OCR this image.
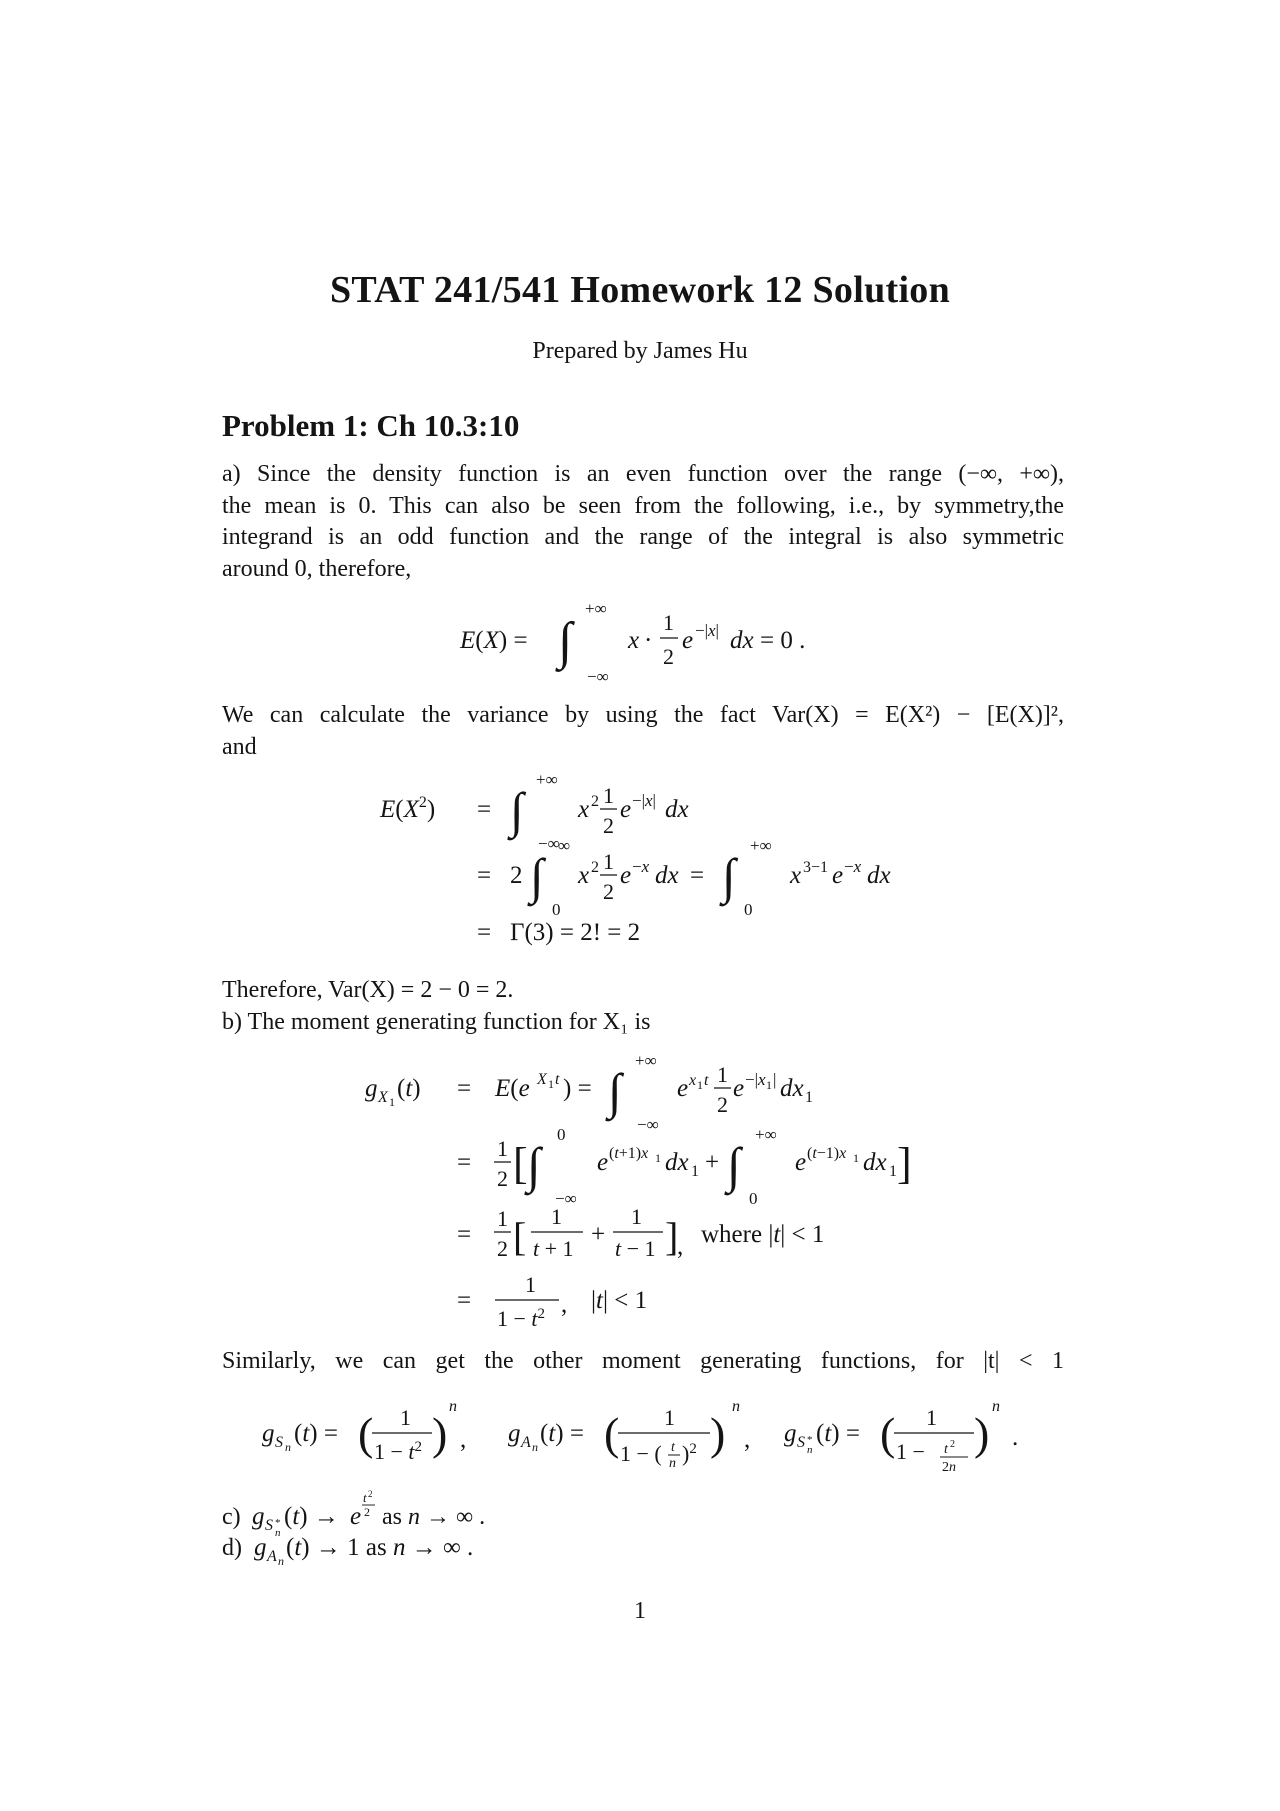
STAT 241/541 Homework 12 Solution
Prepared by James Hu
Problem 1: Ch 10.3:10
a) Since the density function is an even function over the range (−∞, +∞),
the mean is 0. This can also be seen from the following, i.e., by symmetry,the
integrand is an odd function and the range of the integral is also symmetric
around 0, therefore,
E(X) = ∫
+∞
−∞
x ·
1
2
e −|x| dx = 0 .
We can calculate the variance by using the fact Var(X) = E(X²) − [E(X)]²,
and
$E(X^2)$ = ∫
+∞
−∞
x 2 1
2
e −|x| dx
= 2 ∫
∞
0
x 2 1
2
e −x dx = ∫
+∞
0
x 3−1 e −x dx
= Γ(3) = 2! = 2
Therefore, Var(X) = 2 − 0 = 2.
b) The moment generating function for X₁ is
g X 1 (t) = E(e X 1 t ) = ∫
+∞
−∞
e x 1 t 1
2
e −|x 1 | dx 1
=
1
2 [ ∫
0
−∞
e (t+1)x 1 dx 1 + ∫
+∞
0
e (t−1)x 1 dx 1 ]
=
1
2 [ 1
t + 1
+
1
t − 1 ]
, where |t| < 1
=
1
$1 - t^2$ , |t| < 1
Similarly, we can get the other moment generating functions, for |t| < 1
g S n (t) = ( 1
$1 - t^2$ )
n
, g A n (t) = ( 1
1 − ( t
n )$^2$ )
n
, g S *
n
(t) = ( 1
1 − t 2
2n
)
n
.
c) g S *
n
(t) → e
t 2
2 as n → ∞ .
d) g A n (t) → 1 as n → ∞ .
1
